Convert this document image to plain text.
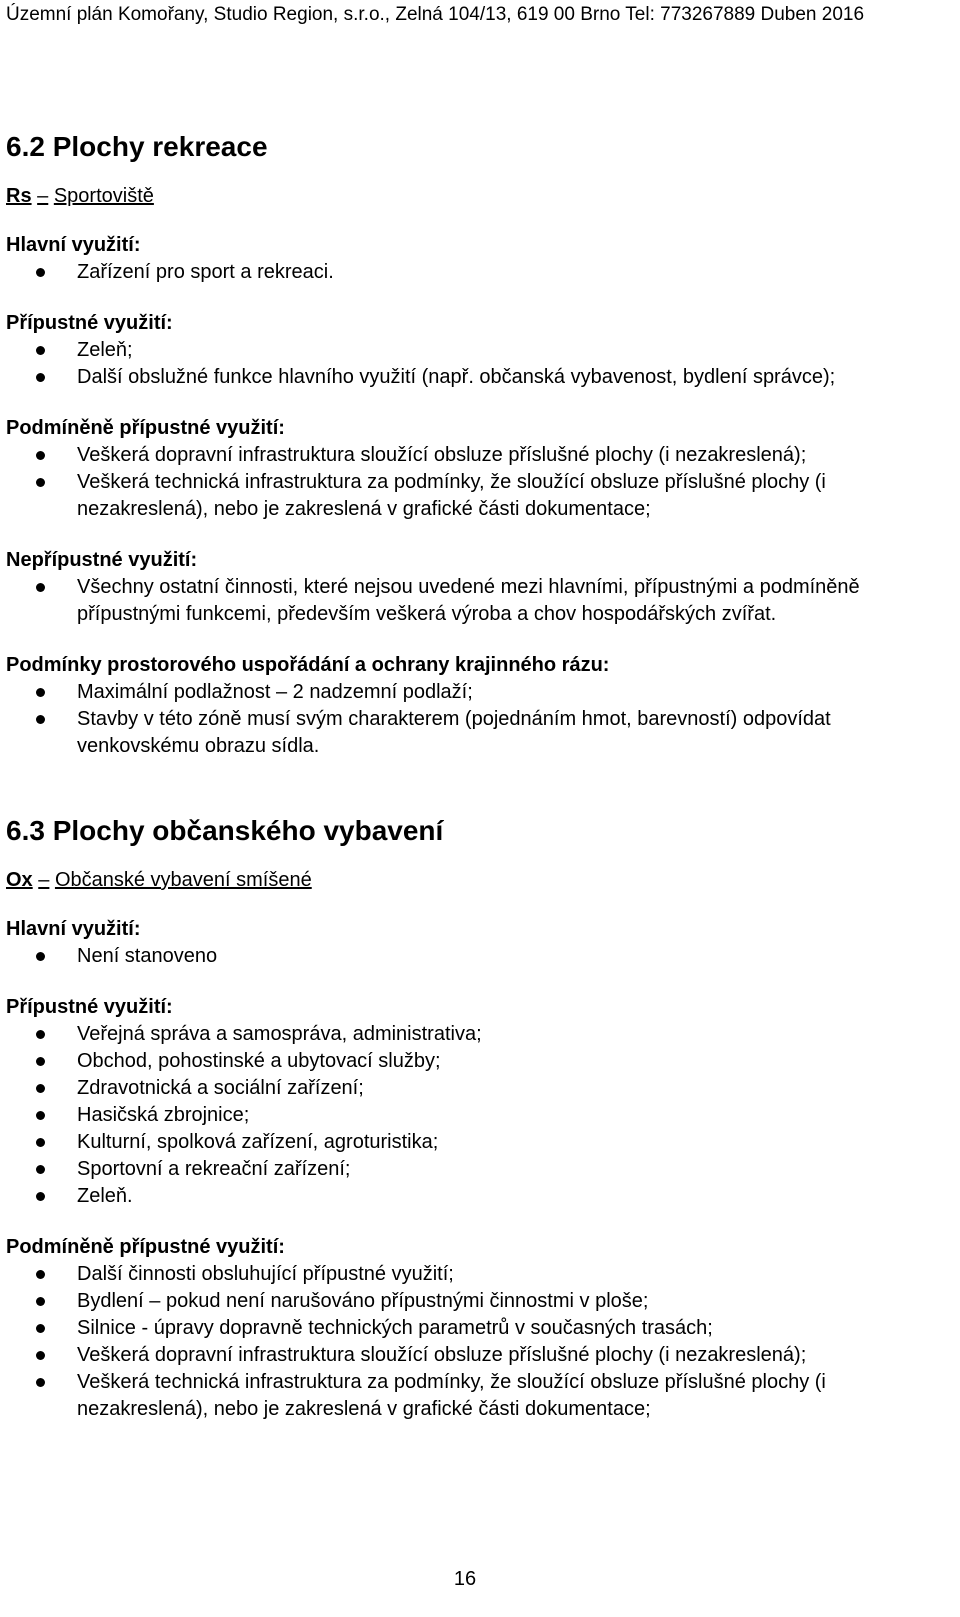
Územní plán Komořany, Studio Region, s.r.o., Zelná 104/13, 619 00 Brno Tel: 773267889 Duben 2016
6.2 Plochy rekreace
Rs – Sportoviště
Hlavní využití:
Zařízení pro sport a rekreaci.
Přípustné využití:
Zeleň;
Další obslužné funkce hlavního využití (např. občanská vybavenost, bydlení správce);
Podmíněně přípustné využití:
Veškerá dopravní infrastruktura sloužící obsluze příslušné plochy (i nezakreslená);
Veškerá technická infrastruktura za podmínky, že sloužící obsluze příslušné plochy (i nezakreslená), nebo je zakreslená v grafické části dokumentace;
Nepřípustné využití:
Všechny ostatní činnosti, které nejsou uvedené mezi hlavními, přípustnými a podmíněně přípustnými funkcemi, především veškerá výroba a chov hospodářských zvířat.
Podmínky prostorového uspořádání a ochrany krajinného rázu:
Maximální podlažnost – 2 nadzemní podlaží;
Stavby v této zóně musí svým charakterem (pojednáním hmot, barevností) odpovídat venkovskému obrazu sídla.
6.3 Plochy občanského vybavení
Ox – Občanské vybavení smíšené
Hlavní využití:
Není stanoveno
Přípustné využití:
Veřejná správa a samospráva, administrativa;
Obchod, pohostinské a ubytovací služby;
Zdravotnická a sociální zařízení;
Hasičská zbrojnice;
Kulturní, spolková zařízení, agroturistika;
Sportovní a rekreační zařízení;
Zeleň.
Podmíněně přípustné využití:
Další činnosti obsluhující přípustné využití;
Bydlení – pokud není narušováno přípustnými činnostmi v ploše;
Silnice - úpravy dopravně technických parametrů v současných trasách;
Veškerá dopravní infrastruktura sloužící obsluze příslušné plochy (i nezakreslená);
Veškerá technická infrastruktura za podmínky, že sloužící obsluze příslušné plochy (i nezakreslená), nebo je zakreslená v grafické části dokumentace;
16
